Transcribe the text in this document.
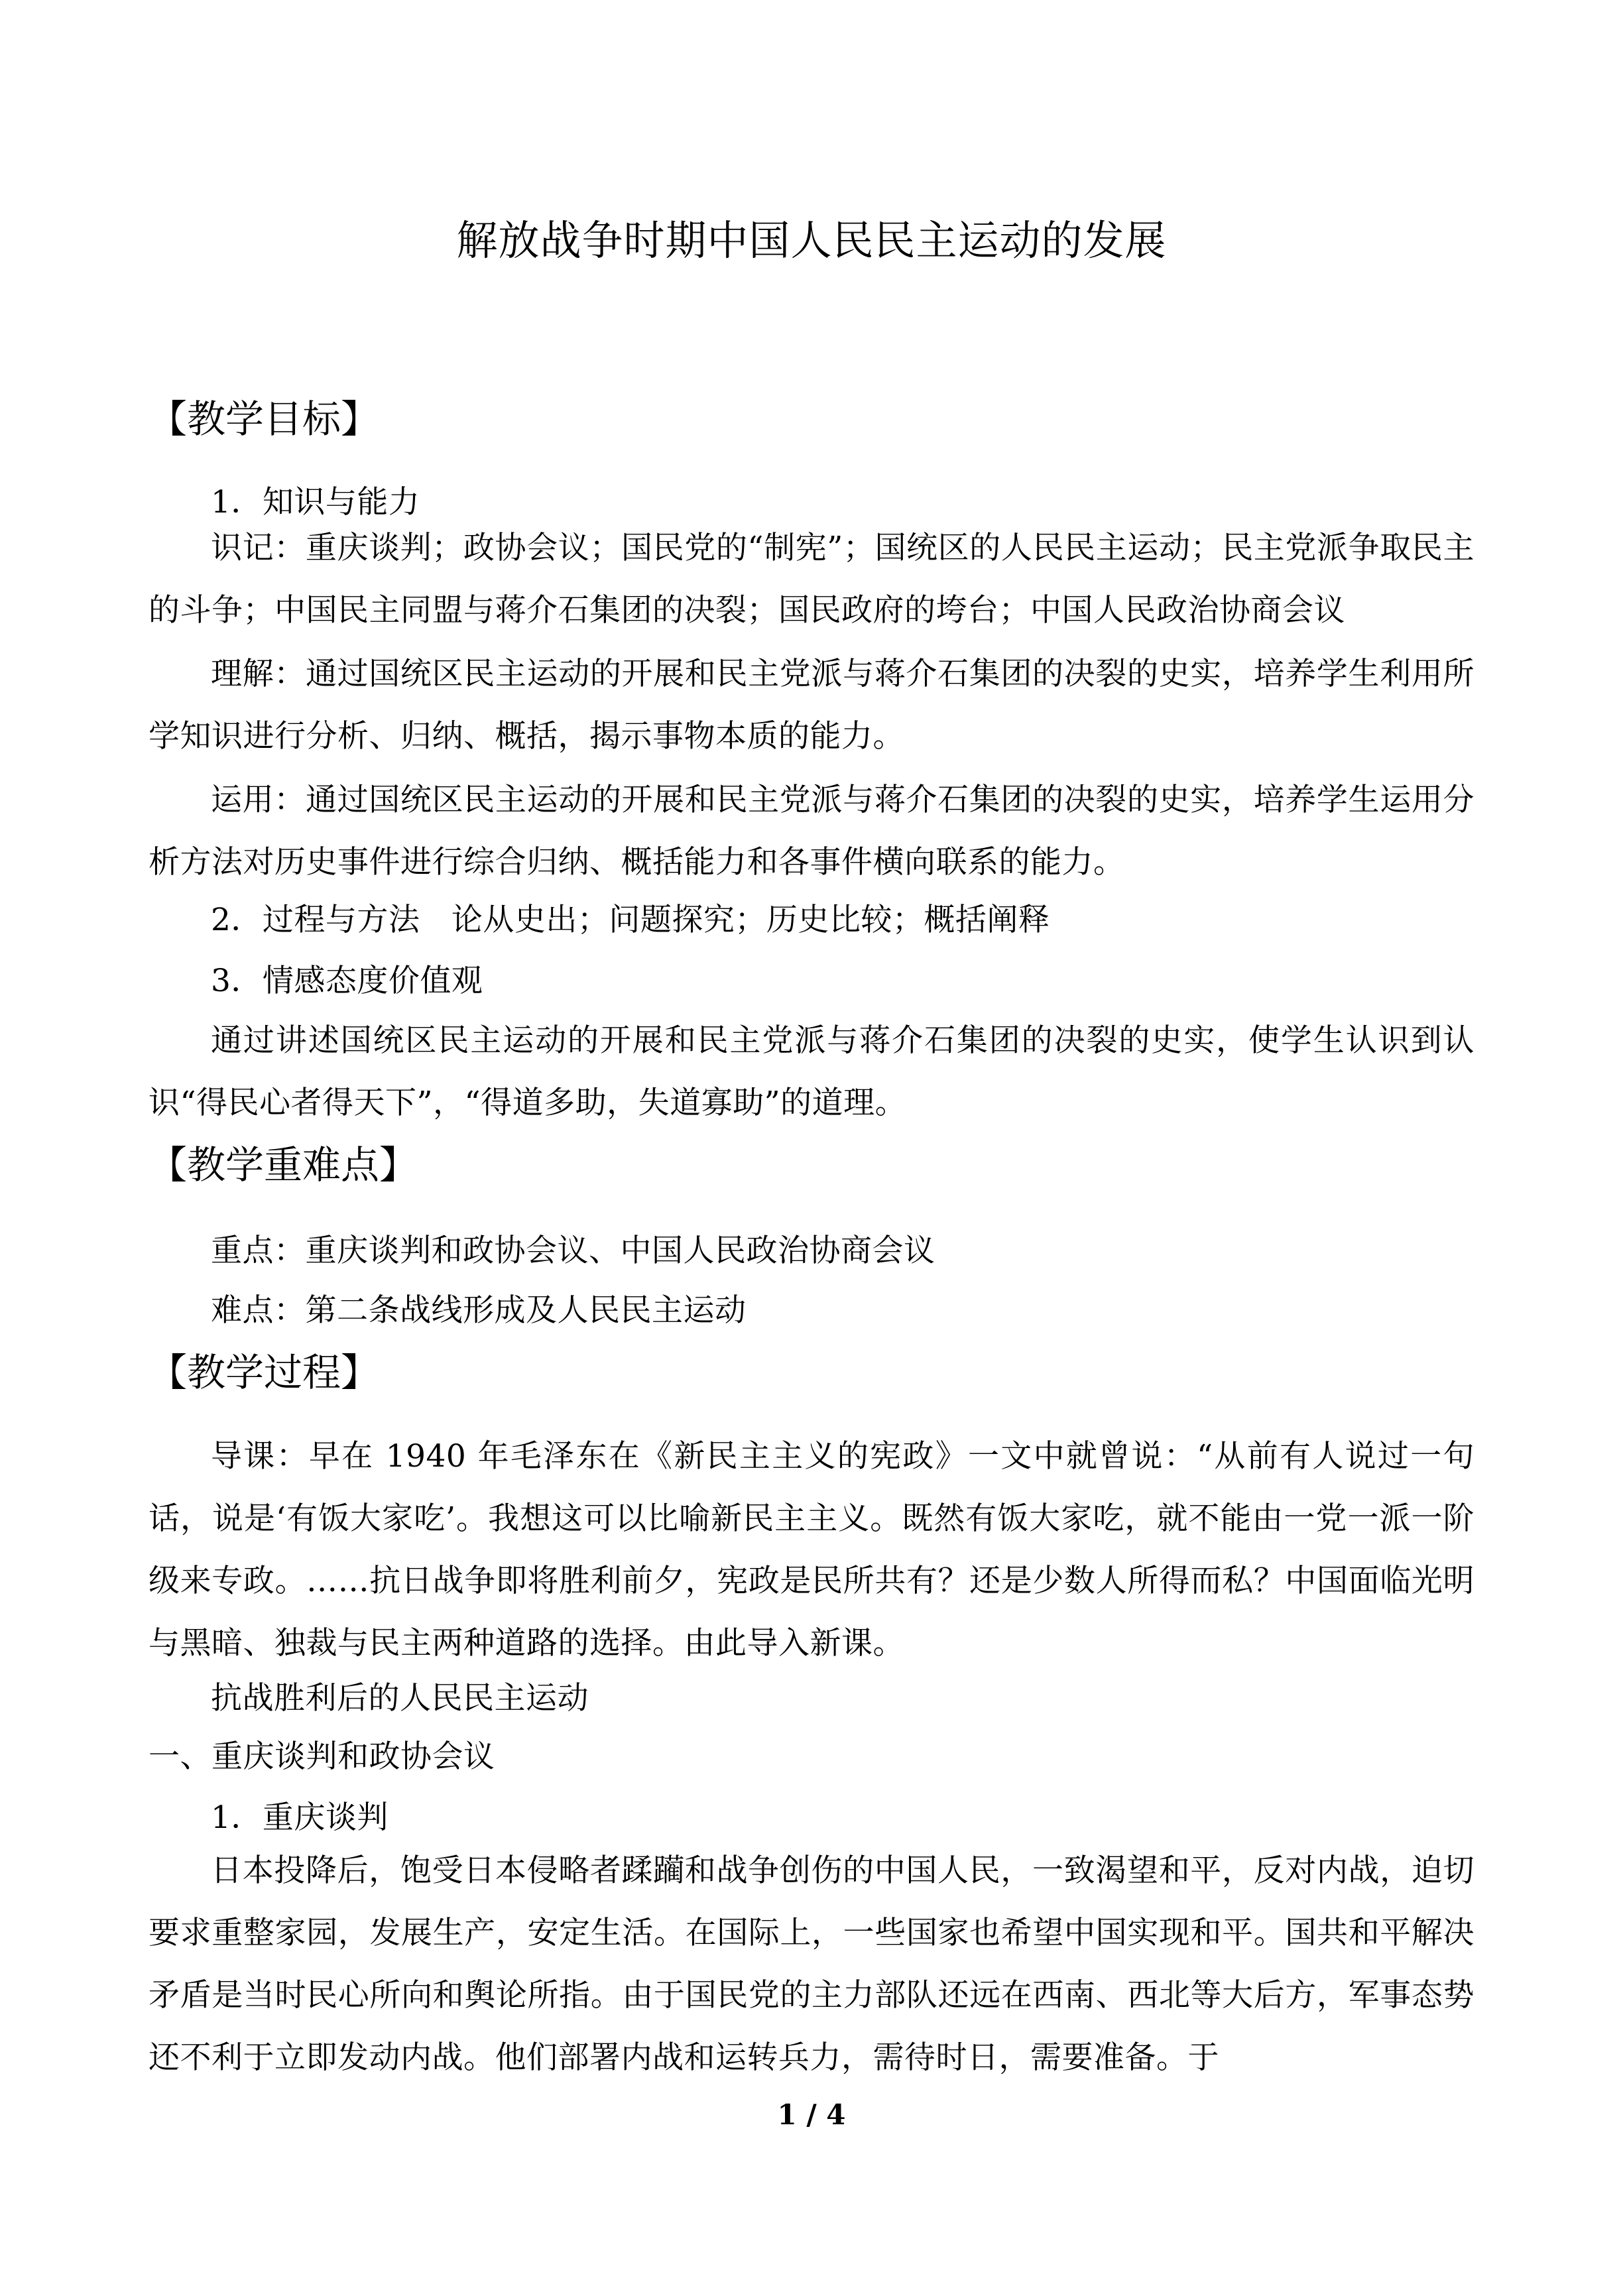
解放战争时期中国人民民主运动的发展
【教学目标】
1．知识与能力
识记：重庆谈判；政协会议；国民党的“制宪”；国统区的人民民主运动；民主党派争取民主的斗争；中国民主同盟与蒋介石集团的决裂；国民政府的垮台；中国人民政治协商会议
理解：通过国统区民主运动的开展和民主党派与蒋介石集团的决裂的史实，培养学生利用所学知识进行分析、归纳、概括，揭示事物本质的能力。
运用：通过国统区民主运动的开展和民主党派与蒋介石集团的决裂的史实，培养学生运用分析方法对历史事件进行综合归纳、概括能力和各事件横向联系的能力。
2．过程与方法　论从史出；问题探究；历史比较；概括阐释
3．情感态度价值观
通过讲述国统区民主运动的开展和民主党派与蒋介石集团的决裂的史实，使学生认识到认识“得民心者得天下”，“得道多助，失道寡助”的道理。
【教学重难点】
重点：重庆谈判和政协会议、中国人民政治协商会议
难点：第二条战线形成及人民民主运动
【教学过程】
导课：早在 1940 年毛泽东在《新民主主义的宪政》一文中就曾说：“从前有人说过一句话，说是‘有饭大家吃’。我想这可以比喻新民主主义。既然有饭大家吃，就不能由一党一派一阶级来专政。……抗日战争即将胜利前夕，宪政是民所共有？还是少数人所得而私？中国面临光明与黑暗、独裁与民主两种道路的选择。由此导入新课。
抗战胜利后的人民民主运动
一、重庆谈判和政协会议
1．重庆谈判
日本投降后，饱受日本侵略者蹂躏和战争创伤的中国人民，一致渴望和平，反对内战，迫切要求重整家园，发展生产，安定生活。在国际上，一些国家也希望中国实现和平。国共和平解决矛盾是当时民心所向和舆论所指。由于国民党的主力部队还远在西南、西北等大后方，军事态势还不利于立即发动内战。他们部署内战和运转兵力，需待时日，需要准备。于
1 / 4
